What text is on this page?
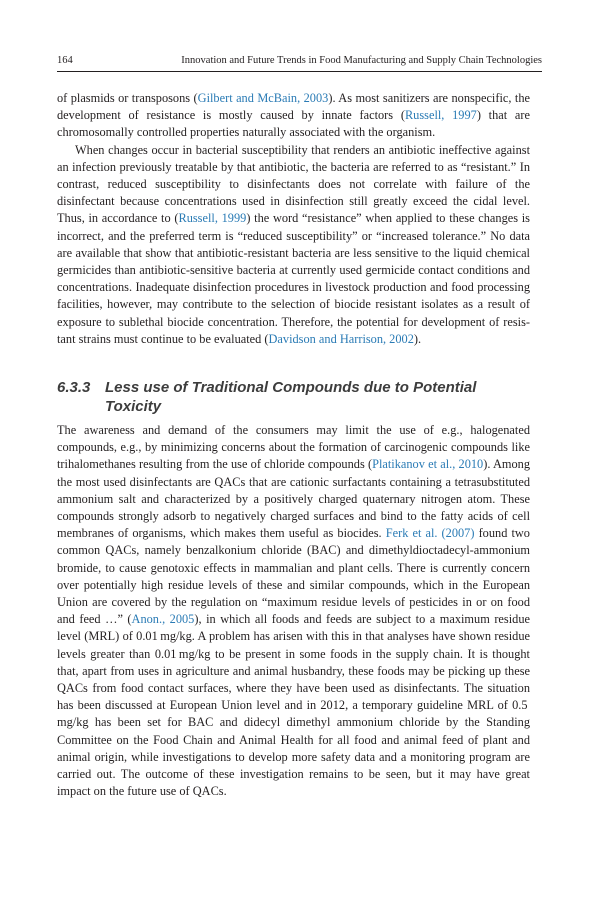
164	Innovation and Future Trends in Food Manufacturing and Supply Chain Technologies

of plasmids or transposons (Gilbert and McBain, 2003). As most sanitizers are nonspecific, the development of resistance is mostly caused by innate factors (Russell, 1997) that are chromosomally controlled properties naturally associated with the organism.

When changes occur in bacterial susceptibility that renders an antibiotic ineffective against an infection previously treatable by that antibiotic, the bacteria are referred to as “resistant.” In contrast, reduced susceptibility to disinfectants does not correlate with failure of the disinfectant because concentrations used in disinfection still greatly exceed the cidal level. Thus, in accordance to (Russell, 1999) the word “resistance” when applied to these changes is incorrect, and the preferred term is “reduced susceptibility” or “increased tolerance.” No data are available that show that antibiotic-resistant bacteria are less sensitive to the liquid chemical germicides than antibiotic-sensitive bacteria at currently used germicide contact conditions and concentrations. Inadequate disinfection procedures in livestock production and food processing facilities, however, may contribute to the selection of biocide resistant isolates as a result of exposure to sublethal biocide concentration. Therefore, the potential for development of resistant strains must continue to be evaluated (Davidson and Harrison, 2002).

6.3.3 Less use of Traditional Compounds due to Potential
Toxicity

The awareness and demand of the consumers may limit the use of e.g., halogenated compounds, e.g., by minimizing concerns about the formation of carcinogenic compounds like trihalomethanes resulting from the use of chloride compounds (Platikanov et al., 2010). Among the most used disinfectants are QACs that are cationic surfactants containing a tetrasubstituted ammonium salt and characterized by a positively charged quaternary nitrogen atom. These compounds strongly adsorb to negatively charged surfaces and bind to the fatty acids of cell membranes of organisms, which makes them useful as biocides. Ferk et al. (2007) found two common QACs, namely benzalkonium chloride (BAC) and dimethyldioctadecyl-ammonium bromide, to cause genotoxic effects in mammalian and plant cells. There is currently concern over potentially high residue levels of these and similar compounds, which in the European Union are covered by the regulation on “maximum residue levels of pesticides in or on food and feed …” (Anon., 2005), in which all foods and feeds are subject to a maximum residue level (MRL) of 0.01 mg/kg. A problem has arisen with this in that analyses have shown residue levels greater than 0.01 mg/kg to be present in some foods in the supply chain. It is thought that, apart from uses in agriculture and animal husbandry, these foods may be picking up these QACs from food contact surfaces, where they have been used as disinfectants. The situation has been discussed at European Union level and in 2012, a temporary guideline MRL of 0.5 mg/kg has been set for BAC and didecyl dimethyl ammonium chloride by the Standing Committee on the Food Chain and Animal Health for all food and animal feed of plant and animal origin, while investigations to develop more safety data and a monitoring program are carried out. The outcome of these investigation remains to be seen, but it may have great impact on the future use of QACs.
